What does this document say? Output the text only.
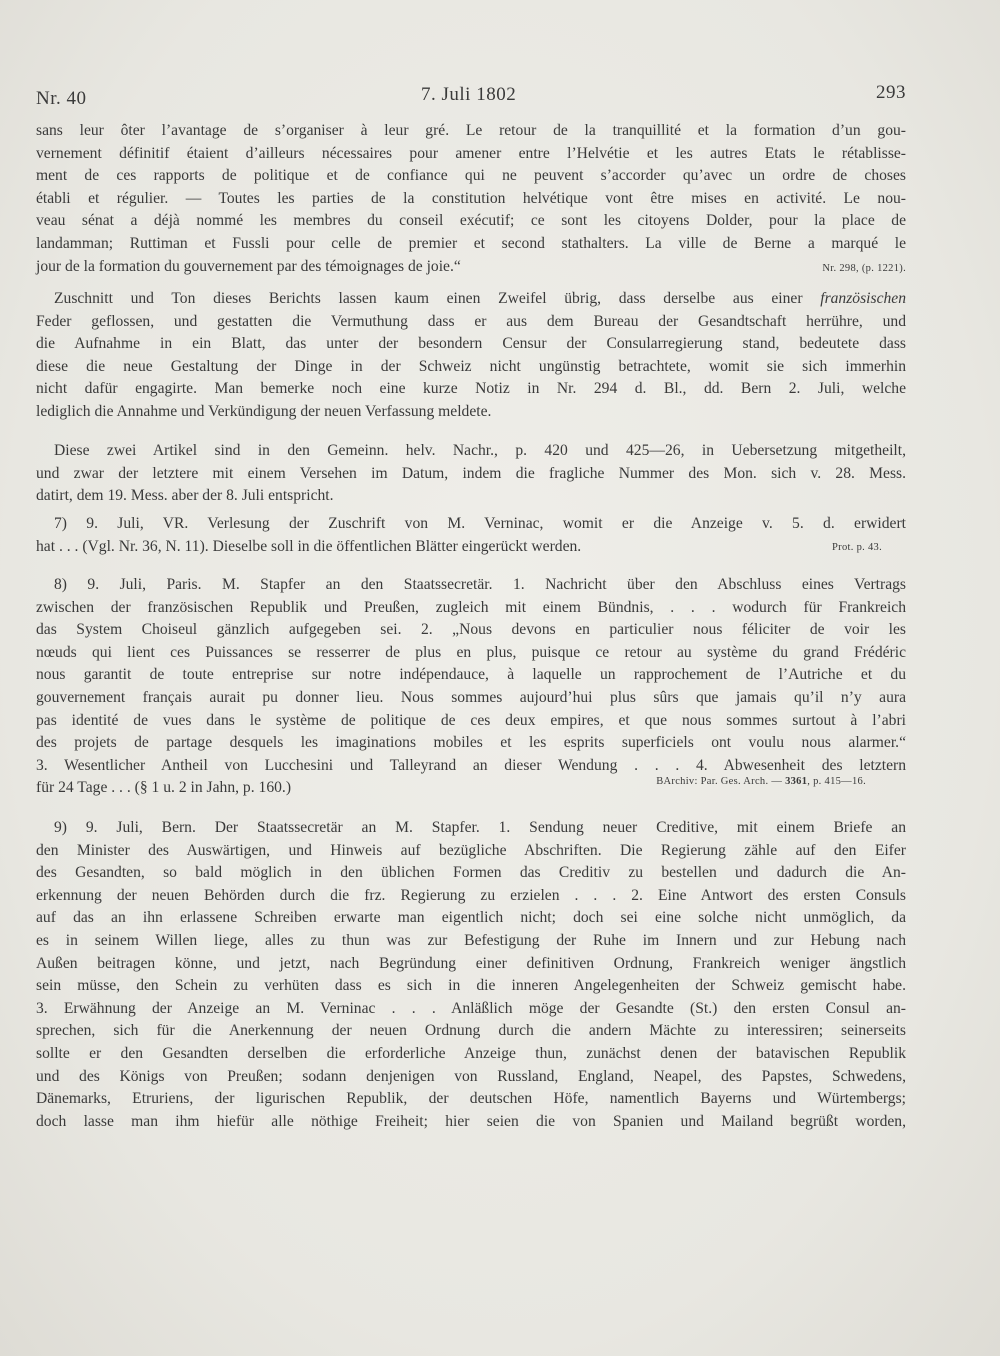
Nr. 40	7. Juli 1802	293
sans leur ôter l’avantage de s’organiser à leur gré. Le retour de la tranquillité et la formation d’un gou-
vernement définitif étaient d’ailleurs nécessaires pour amener entre l’Helvétie et les autres Etats le rétablisse-
ment de ces rapports de politique et de confiance qui ne peuvent s’accorder qu’avec un ordre de choses
établi et régulier. — Toutes les parties de la constitution helvétique vont être mises en activité. Le nou-
veau sénat a déjà nommé les membres du conseil exécutif; ce sont les citoyens Dolder, pour la place de
landamman; Ruttiman et Fussli pour celle de premier et second stathalters. La ville de Berne a marqué le
jour de la formation du gouvernement par des témoignages de joie.“	Nr. 298, (p. 1221).
Zuschnitt und Ton dieses Berichts lassen kaum einen Zweifel übrig, dass derselbe aus einer französischen
Feder geflossen, und gestatten die Vermuthung dass er aus dem Bureau der Gesandtschaft herrühre, und
die Aufnahme in ein Blatt, das unter der besondern Censur der Consularregierung stand, bedeutete dass
diese die neue Gestaltung der Dinge in der Schweiz nicht ungünstig betrachtete, womit sie sich immerhin
nicht dafür engagirte. Man bemerke noch eine kurze Notiz in Nr. 294 d. Bl., dd. Bern 2. Juli, welche
lediglich die Annahme und Verkündigung der neuen Verfassung meldete.
Diese zwei Artikel sind in den Gemeinn. helv. Nachr., p. 420 und 425—26, in Uebersetzung mitgetheilt,
und zwar der letztere mit einem Versehen im Datum, indem die fragliche Nummer des Mon. sich v. 28. Mess.
datirt, dem 19. Mess. aber der 8. Juli entspricht.
7) 9. Juli, VR. Verlesung der Zuschrift von M. Verninac, womit er die Anzeige v. 5. d. erwidert
hat . . . (Vgl. Nr. 36, N. 11). Dieselbe soll in die öffentlichen Blätter eingerückt werden.	Prot. p. 43.
8) 9. Juli, Paris. M. Stapfer an den Staatssecretär. 1. Nachricht über den Abschluss eines Vertrags
zwischen der französischen Republik und Preußen, zugleich mit einem Bündnis, . . . wodurch für Frankreich
das System Choiseul gänzlich aufgegeben sei. 2. „Nous devons en particulier nous féliciter de voir les
nœuds qui lient ces Puissances se resserrer de plus en plus, puisque ce retour au système du grand Frédéric
nous garantit de toute entreprise sur notre indépendauce, à laquelle un rapprochement de l’Autriche et du
gouvernement français aurait pu donner lieu. Nous sommes aujourd’hui plus sûrs que jamais qu’il n’y aura
pas identité de vues dans le système de politique de ces deux empires, et que nous sommes surtout à l’abri
des projets de partage desquels les imaginations mobiles et les esprits superficiels ont voulu nous alarmer.“
3. Wesentlicher Antheil von Lucchesini und Talleyrand an dieser Wendung . . . 4. Abwesenheit des letztern
für 24 Tage . . . (§ 1 u. 2 in Jahn, p. 160.)	BArchiv: Par. Ges. Arch. — 3361, p. 415—16.
9) 9. Juli, Bern. Der Staatssecretär an M. Stapfer. 1. Sendung neuer Creditive, mit einem Briefe an
den Minister des Auswärtigen, und Hinweis auf bezügliche Abschriften. Die Regierung zähle auf den Eifer
des Gesandten, so bald möglich in den üblichen Formen das Creditiv zu bestellen und dadurch die An-
erkennung der neuen Behörden durch die frz. Regierung zu erzielen . . . 2. Eine Antwort des ersten Consuls
auf das an ihn erlassene Schreiben erwarte man eigentlich nicht; doch sei eine solche nicht unmöglich, da
es in seinem Willen liege, alles zu thun was zur Befestigung der Ruhe im Innern und zur Hebung nach
Außen beitragen könne, und jetzt, nach Begründung einer definitiven Ordnung, Frankreich weniger ängstlich
sein müsse, den Schein zu verhüten dass es sich in die inneren Angelegenheiten der Schweiz gemischt habe.
3. Erwähnung der Anzeige an M. Verninac . . . Anläßlich möge der Gesandte (St.) den ersten Consul an-
sprechen, sich für die Anerkennung der neuen Ordnung durch die andern Mächte zu interessiren; seinerseits
sollte er den Gesandten derselben die erforderliche Anzeige thun, zunächst denen der batavischen Republik
und des Königs von Preußen; sodann denjenigen von Russland, England, Neapel, des Papstes, Schwedens,
Dänemarks, Etruriens, der ligurischen Republik, der deutschen Höfe, namentlich Bayerns und Würtembergs;
doch lasse man ihm hiefür alle nöthige Freiheit; hier seien die von Spanien und Mailand begrüßt worden,
